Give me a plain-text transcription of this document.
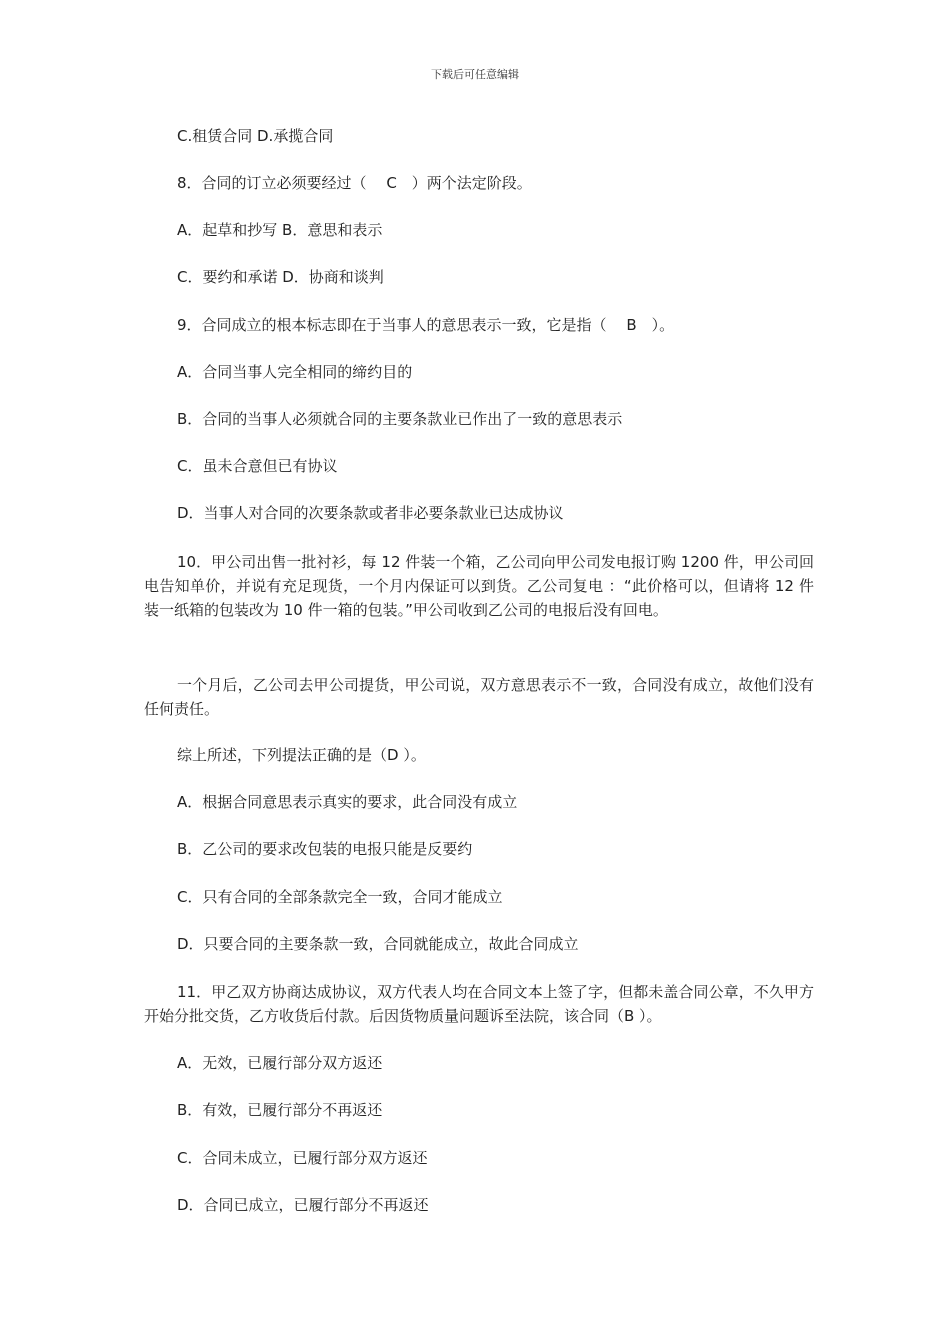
下载后可任意编辑
C.租赁合同 D.承揽合同
8．合同的订立必须要经过（　 C　）两个法定阶段。
A．起草和抄写 B．意思和表示
C．要约和承诺 D．协商和谈判
9．合同成立的根本标志即在于当事人的意思表示一致，它是指（　 B　）。
A．合同当事人完全相同的缔约目的
B．合同的当事人必须就合同的主要条款业已作出了一致的意思表示
C．虽未合意但已有协议
D．当事人对合同的次要条款或者非必要条款业已达成协议
10．甲公司出售一批衬衫，每 12 件装一个箱，乙公司向甲公司发电报订购 1200 件，甲公司回电告知单价，并说有充足现货，一个月内保证可以到货。乙公司复电 ：“此价格可以，但请将 12 件装一纸箱的包装改为 10 件一箱的包装。”甲公司收到乙公司的电报后没有回电。
一个月后，乙公司去甲公司提货，甲公司说，双方意思表示不一致，合同没有成立，故他们没有任何责任。
综上所述，下列提法正确的是（D ）。
A．根据合同意思表示真实的要求，此合同没有成立
B．乙公司的要求改包装的电报只能是反要约
C．只有合同的全部条款完全一致，合同才能成立
D．只要合同的主要条款一致，合同就能成立，故此合同成立
11．甲乙双方协商达成协议，双方代表人均在合同文本上签了字，但都未盖合同公章，不久甲方开始分批交货，乙方收货后付款。后因货物质量问题诉至法院，该合同（B ）。
A．无效，已履行部分双方返还
B．有效，已履行部分不再返还
C．合同未成立，已履行部分双方返还
D．合同已成立，已履行部分不再返还
